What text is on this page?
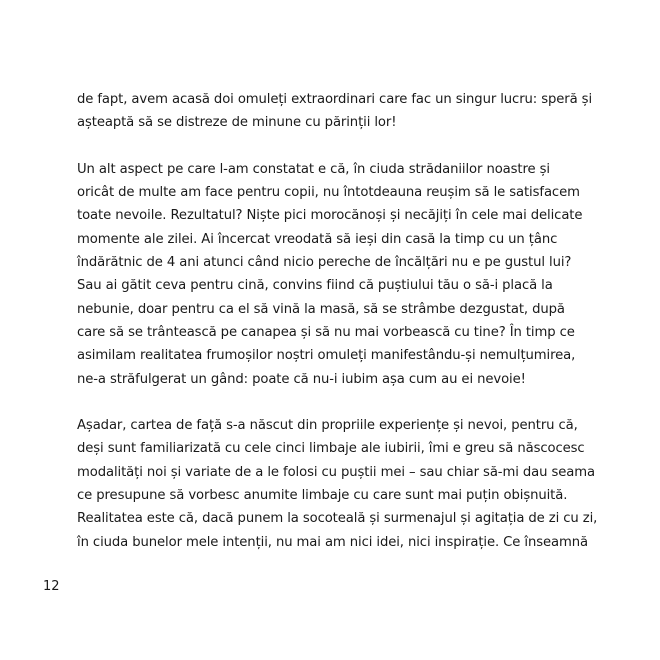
de fapt, avem acasă doi omuleți extraordinari care fac un singur lucru: speră și
așteaptă să se distreze de minune cu părinții lor!
Un alt aspect pe care l-am constatat e că, în ciuda strădaniilor noastre și
oricât de multe am face pentru copii, nu întotdeauna reușim să le satisfacem
toate nevoile. Rezultatul? Niște pici morocănoși și necăjiți în cele mai delicate
momente ale zilei. Ai încercat vreodată să ieși din casă la timp cu un țânc
îndărătnic de 4 ani atunci când nicio pereche de încălțări nu e pe gustul lui?
Sau ai gătit ceva pentru cină, convins fiind că puștiului tău o să-i placă la
nebunie, doar pentru ca el să vină la masă, să se strâmbe dezgustat, după
care să se trântească pe canapea și să nu mai vorbească cu tine? În timp ce
asimilam realitatea frumoșilor noștri omuleți manifestându-și nemulțumirea,
ne-a străfulgerat un gând: poate că nu-i iubim așa cum au ei nevoie!
Așadar, cartea de față s-a născut din propriile experiențe și nevoi, pentru că,
deși sunt familiarizată cu cele cinci limbaje ale iubirii, îmi e greu să născocesc
modalități noi și variate de a le folosi cu puștii mei – sau chiar să-mi dau seama
ce presupune să vorbesc anumite limbaje cu care sunt mai puțin obișnuită.
Realitatea este că, dacă punem la socoteală și surmenajul și agitația de zi cu zi,
în ciuda bunelor mele intenții, nu mai am nici idei, nici inspirație. Ce înseamnă
12
